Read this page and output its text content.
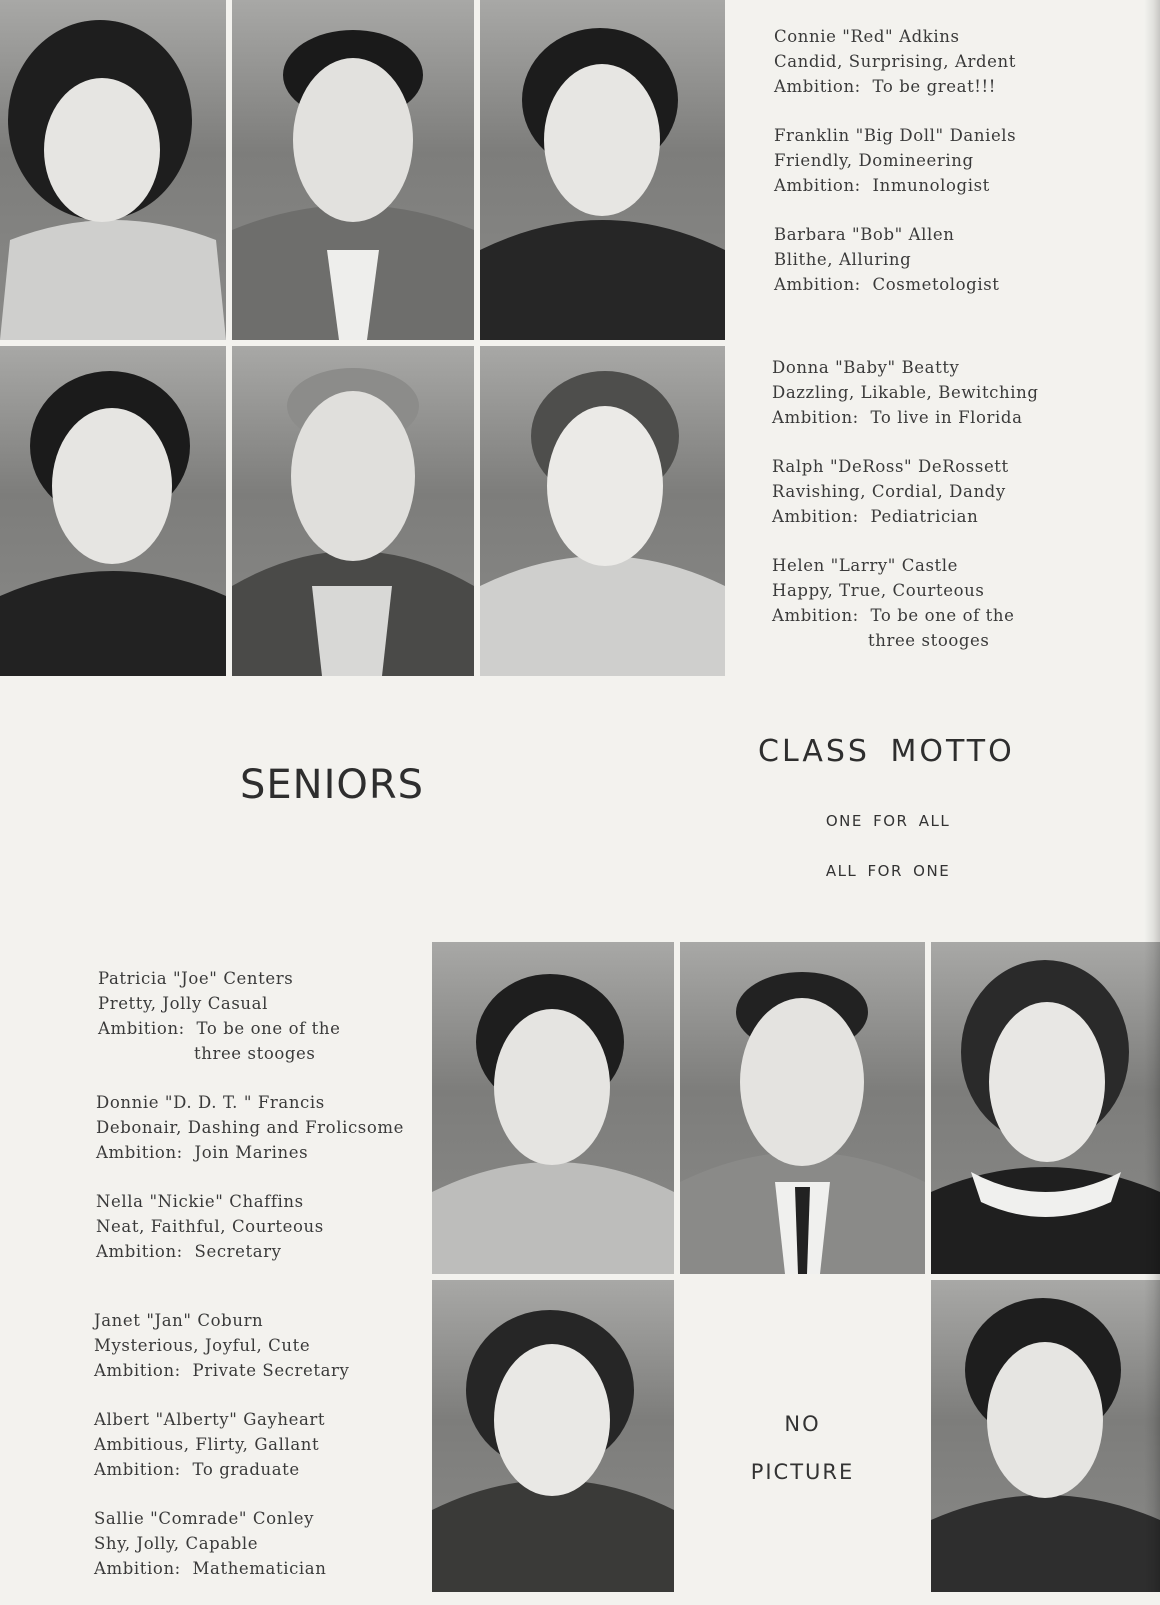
Connie "Red" Adkins
Candid, Surprising, Ardent
Ambition: To be great!!!
Franklin "Big Doll" Daniels
Friendly, Domineering
Ambition: Inmunologist
Barbara "Bob" Allen
Blithe, Alluring
Ambition: Cosmetologist
Donna "Baby" Beatty
Dazzling, Likable, Bewitching
Ambition: To live in Florida
Ralph "DeRoss" DeRossett
Ravishing, Cordial, Dandy
Ambition: Pediatrician
Helen "Larry" Castle
Happy, True, Courteous
Ambition: To be one of the
three stooges
SENIORS
CLASS MOTTO
ONE FOR ALL
ALL FOR ONE
Patricia "Joe" Centers
Pretty, Jolly Casual
Ambition: To be one of the
three stooges
Donnie "D. D. T. " Francis
Debonair, Dashing and Frolicsome
Ambition: Join Marines
Nella "Nickie" Chaffins
Neat, Faithful, Courteous
Ambition: Secretary
Janet "Jan" Coburn
Mysterious, Joyful, Cute
Ambition: Private Secretary
Albert "Alberty" Gayheart
Ambitious, Flirty, Gallant
Ambition: To graduate
Sallie "Comrade" Conley
Shy, Jolly, Capable
Ambition: Mathematician
NO
PICTURE
